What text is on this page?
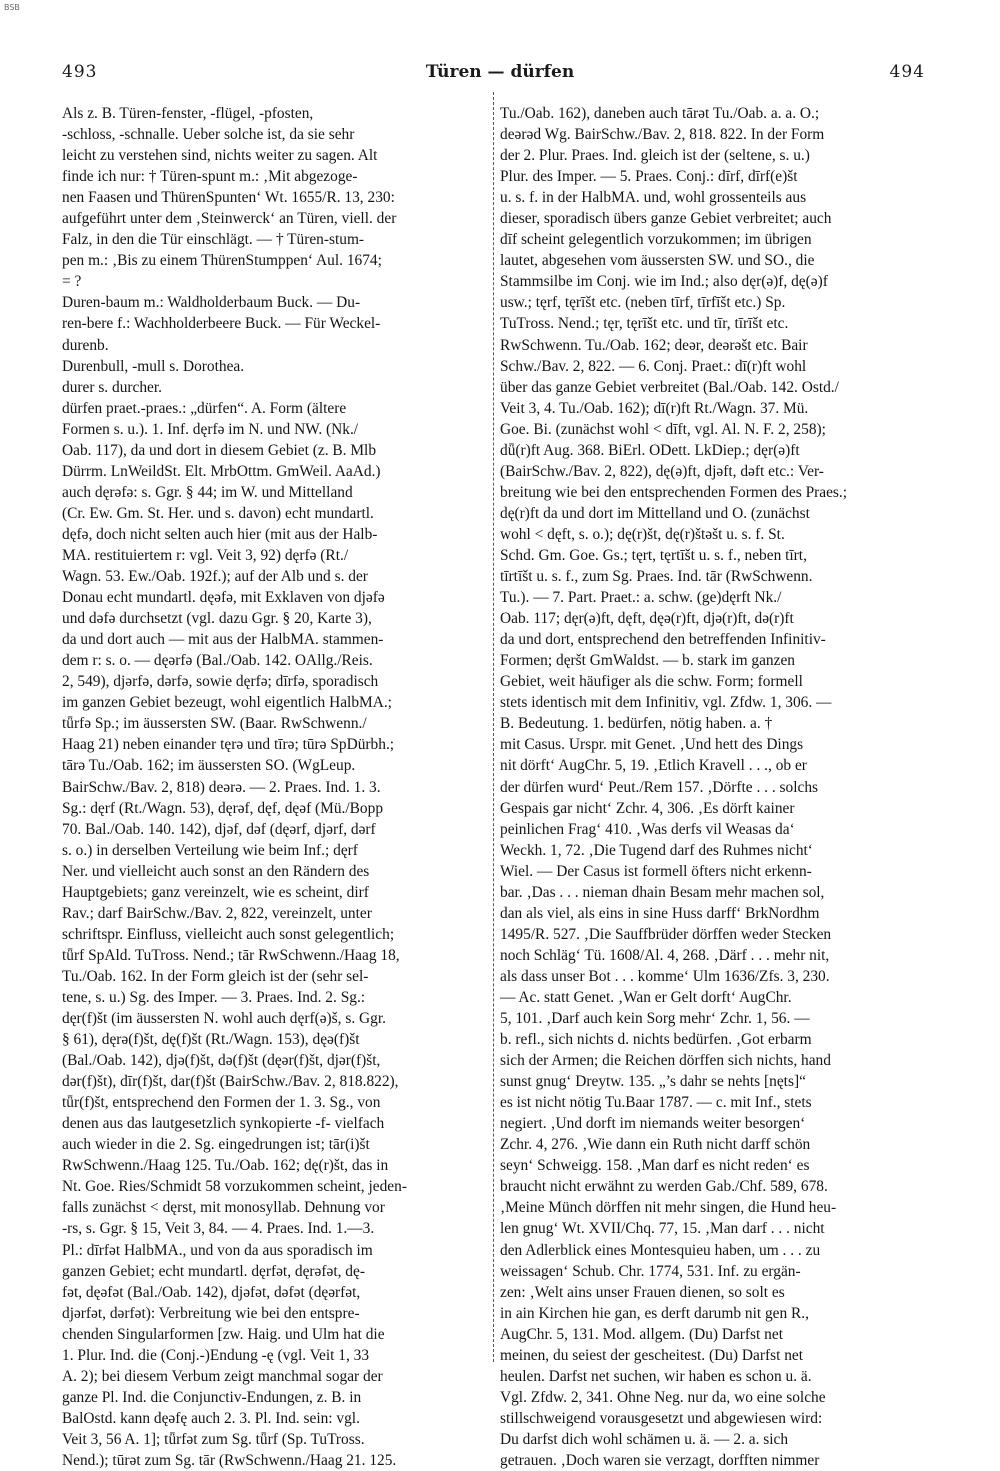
BSB
493	Türen — dürfen	494
Als z. B. Türen-fenster, -flügel, -pfosten,
-schloss, -schnalle. Ueber solche ist, da sie sehr
leicht zu verstehen sind, nichts weiter zu sagen. Alt
finde ich nur: † Türen-spunt m.: ‚Mit abgezoge-
nen Faasen und ThürenSpunten‘ Wt. 1655/R. 13, 230:
aufgeführt unter dem ‚Steinwerck‘ an Türen, viell. der
Falz, in den die Tür einschlägt. — † Türen-stum-
pen m.: ‚Bis zu einem ThürenStumppen‘ Aul. 1674;
= ?
Duren-baum m.: Waldholderbaum Buck. — Du-
ren-bere f.: Wachholderbeere Buck. — Für Weckel-
durenb.
Durenbull, -mull s. Dorothea.
durer s. durcher.
dürfen praet.-praes.: „dürfen“. A. Form (ältere
Formen s. u.). 1. Inf. dęrfə im N. und NW. (Nk./
Oab. 117), da und dort in diesem Gebiet (z. B. Mlb
Dürrm. LnWeildSt. Elt. MrbOttm. GmWeil. AaAd.)
auch dęrəfə: s. Ggr. § 44; im W. und Mittelland
(Cr. Ew. Gm. St. Her. und s. davon) echt mundartl.
dęfə, doch nicht selten auch hier (mit aus der Halb-
MA. restituiertem r: vgl. Veit 3, 92) dęrfə (Rt./
Wagn. 53. Ew./Oab. 192f.); auf der Alb und s. der
Donau echt mundartl. dęəfə, mit Exklaven von djəfə
und dəfə durchsetzt (vgl. dazu Ggr. § 20, Karte 3),
da und dort auch — mit aus der HalbMA. stammen-
dem r: s. o. — dęərfə (Bal./Oab. 142. OAllg./Reis.
2, 549), djərfə, dərfə, sowie dęrfə; dīrfə, sporadisch
im ganzen Gebiet bezeugt, wohl eigentlich HalbMA.;
tǖrfə Sp.; im äussersten SW. (Baar. RwSchwenn./
Haag 21) neben einander tęrə und tīrə; tūrə SpDürbh.;
tārə Tu./Oab. 162; im äussersten SO. (WgLeup.
BairSchw./Bav. 2, 818) deərə. — 2. Praes. Ind. 1. 3.
Sg.: dęrf (Rt./Wagn. 53), dęrəf, dęf, dęəf (Mü./Bopp
70. Bal./Oab. 140. 142), djəf, dəf (dęərf, djərf, dərf
s. o.) in derselben Verteilung wie beim Inf.; dęrf
Ner. und vielleicht auch sonst an den Rändern des
Hauptgebiets; ganz vereinzelt, wie es scheint, dirf
Rav.; darf BairSchw./Bav. 2, 822, vereinzelt, unter
schriftspr. Einfluss, vielleicht auch sonst gelegentlich;
tǖrf SpAld. TuTross. Nend.; tār RwSchwenn./Haag 18,
Tu./Oab. 162. In der Form gleich ist der (sehr sel-
tene, s. u.) Sg. des Imper. — 3. Praes. Ind. 2. Sg.:
dęr(f)št (im äussersten N. wohl auch dęrf(ə)š, s. Ggr.
§ 61), dęrə(f)št, dę(f)št (Rt./Wagn. 153), dęə(f)št
(Bal./Oab. 142), djə(f)št, də(f)št (dęər(f)št, djər(f)št,
dər(f)št), dīr(f)št, dar(f)št (BairSchw./Bav. 2, 818.822),
tǖr(f)št, entsprechend den Formen der 1. 3. Sg., von
denen aus das lautgesetzlich synkopierte -f- vielfach
auch wieder in die 2. Sg. eingedrungen ist; tār(i)št
RwSchwenn./Haag 125. Tu./Oab. 162; dę(r)št, das in
Nt. Goe. Ries/Schmidt 58 vorzukommen scheint, jeden-
falls zunächst < dęrst, mit monosyllab. Dehnung vor
-rs, s. Ggr. § 15, Veit 3, 84. — 4. Praes. Ind. 1.—3.
Pl.: dīrfət HalbMA., und von da aus sporadisch im
ganzen Gebiet; echt mundartl. dęrfət, dęrəfət, dę-
fət, dęəfət (Bal./Oab. 142), djəfət, dəfət (dęərfət,
djərfət, dərfət): Verbreitung wie bei den entspre-
chenden Singularformen [zw. Haig. und Ulm hat die
1. Plur. Ind. die (Conj.-)Endung -ę (vgl. Veit 1, 33
A. 2); bei diesem Verbum zeigt manchmal sogar der
ganze Pl. Ind. die Conjunctiv-Endungen, z. B. in
BalOstd. kann dęəfę auch 2. 3. Pl. Ind. sein: vgl.
Veit 3, 56 A. 1]; tǖrfət zum Sg. tǖrf (Sp. TuTross.
Nend.); tūrət zum Sg. tār (RwSchwenn./Haag 21. 125.
Tu./Oab. 162), daneben auch tārət Tu./Oab. a. a. O.;
deərəd Wg. BairSchw./Bav. 2, 818. 822. In der Form
der 2. Plur. Praes. Ind. gleich ist der (seltene, s. u.)
Plur. des Imper. — 5. Praes. Conj.: dīrf, dīrf(e)št
u. s. f. in der HalbMA. und, wohl grossenteils aus
dieser, sporadisch übers ganze Gebiet verbreitet; auch
dīf scheint gelegentlich vorzukommen; im übrigen
lautet, abgesehen vom äussersten SW. und SO., die
Stammsilbe im Conj. wie im Ind.; also dęr(ə)f, dę(ə)f
usw.; tęrf, tęrīšt etc. (neben tīrf, tīrfīšt etc.) Sp.
TuTross. Nend.; tęr, tęrīšt etc. und tīr, tīrīšt etc.
RwSchwenn. Tu./Oab. 162; deər, deərəšt etc. Bair
Schw./Bav. 2, 822. — 6. Conj. Praet.: dī(r)ft wohl
über das ganze Gebiet verbreitet (Bal./Oab. 142. Ostd./
Veit 3, 4. Tu./Oab. 162); dī(r)ft Rt./Wagn. 37. Mü.
Goe. Bi. (zunächst wohl < dīft, vgl. Al. N. F. 2, 258);
dǖ(r)ft Aug. 368. BiErl. ODett. LkDiep.; dęr(ə)ft
(BairSchw./Bav. 2, 822), dę(ə)ft, djəft, dəft etc.: Ver-
breitung wie bei den entsprechenden Formen des Praes.;
dę(r)ft da und dort im Mittelland und O. (zunächst
wohl < dęft, s. o.); dę(r)št, dę(r)štəšt u. s. f. St.
Schd. Gm. Goe. Gs.; tęrt, tęrtīšt u. s. f., neben tīrt,
tīrtīšt u. s. f., zum Sg. Praes. Ind. tār (RwSchwenn.
Tu.). — 7. Part. Praet.: a. schw. (ge)dęrft Nk./
Oab. 117; dęr(ə)ft, dęft, dęə(r)ft, djə(r)ft, də(r)ft
da und dort, entsprechend den betreffenden Infinitiv-
Formen; dęršt GmWaldst. — b. stark im ganzen
Gebiet, weit häufiger als die schw. Form; formell
stets identisch mit dem Infinitiv, vgl. Zfdw. 1, 306. —
B. Bedeutung. 1. bedürfen, nötig haben. a. †
mit Casus. Urspr. mit Genet. ‚Und hett des Dings
nit dörft‘ AugChr. 5, 19. ‚Etlich Kravell . . ., ob er
der dürfen wurd‘ Peut./Rem 157. ‚Dörfte . . . solchs
Gespais gar nicht‘ Zchr. 4, 306. ‚Es dörft kainer
peinlichen Frag‘ 410. ‚Was derfs vil Weasas da‘
Weckh. 1, 72. ‚Die Tugend darf des Ruhmes nicht‘
Wiel. — Der Casus ist formell öfters nicht erkenn-
bar. ‚Das . . . nieman dhain Besam mehr machen sol,
dan als viel, als eins in sine Huss darff‘ BrkNordhm
1495/R. 527. ‚Die Sauffbrüder dörffen weder Stecken
noch Schläg‘ Tü. 1608/Al. 4, 268. ‚Därf . . . mehr nit,
als dass unser Bot . . . komme‘ Ulm 1636/Zfs. 3, 230.
— Ac. statt Genet. ‚Wan er Gelt dorft‘ AugChr.
5, 101. ‚Darf auch kein Sorg mehr‘ Zchr. 1, 56. —
b. refl., sich nichts d. nichts bedürfen. ‚Got erbarm
sich der Armen; die Reichen dörffen sich nichts, hand
sunst gnug‘ Dreytw. 135. „’s dahr se nehts [nęts]“
es ist nicht nötig Tu.Baar 1787. — c. mit Inf., stets
negiert. ‚Und dorft im niemands weiter besorgen‘
Zchr. 4, 276. ‚Wie dann ein Ruth nicht darff schön
seyn‘ Schweigg. 158. ‚Man darf es nicht reden‘ es
braucht nicht erwähnt zu werden Gab./Chf. 589, 678.
‚Meine Münch dörffen nit mehr singen, die Hund heu-
len gnug‘ Wt. XVII/Chq. 77, 15. ‚Man darf . . . nicht
den Adlerblick eines Montesquieu haben, um . . . zu
weissagen‘ Schub. Chr. 1774, 531. Inf. zu ergän-
zen: ‚Welt ains unser Frauen dienen, so solt es
in ain Kirchen hie gan, es derft darumb nit gen R.,
AugChr. 5, 131. Mod. allgem. (Du) Darfst net
meinen, du seiest der gescheitest. (Du) Darfst net
heulen. Darfst net suchen, wir haben es schon u. ä.
Vgl. Zfdw. 2, 341. Ohne Neg. nur da, wo eine solche
stillschweigend vorausgesetzt und abgewiesen wird:
Du darfst dich wohl schämen u. ä. — 2. a. sich
getrauen. ‚Doch waren sie verzagt, dorfften nimmer
